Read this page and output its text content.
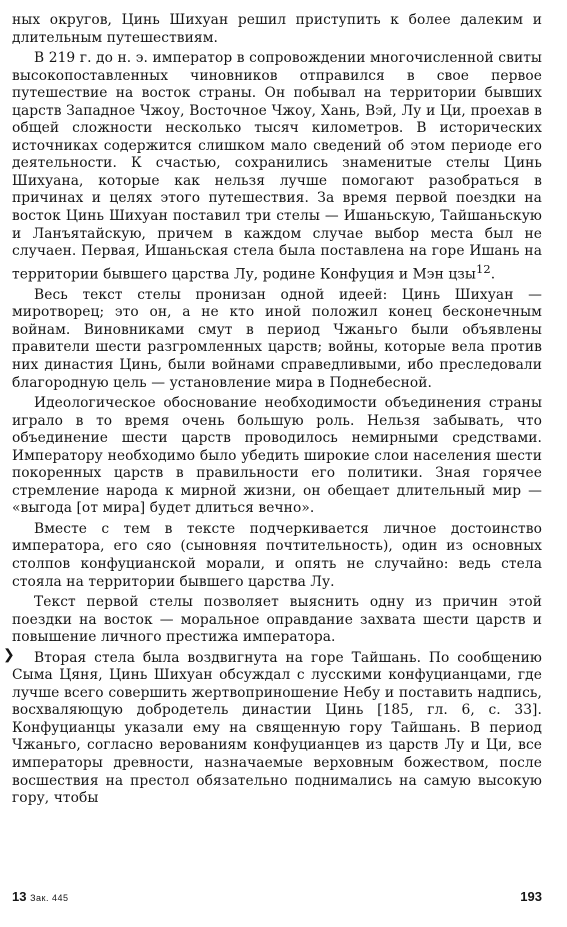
ных округов, Цинь Шихуан решил приступить к более далеким и длительным путешествиям.

В 219 г. до н. э. император в сопровождении многочисленной свиты высокопоставленных чиновников отправился в свое первое путешествие на восток страны. Он побывал на территории бывших царств Западное Чжоу, Восточное Чжоу, Хань, Вэй, Лу и Ци, проехав в общей сложности несколько тысяч километров. В исторических источниках содержится слишком мало сведений об этом периоде его деятельности. К счастью, сохранились знаменитые стелы Цинь Шихуана, которые как нельзя лучше помогают разобраться в причинах и целях этого путешествия. За время первой поездки на восток Цинь Шихуан поставил три стелы — Ишаньскую, Тайшаньскую и Ланъятайскую, причем в каждом случае выбор места был не случаен. Первая, Ишаньская стела была поставлена на горе Ишань на территории бывшего царства Лу, родине Конфуция и Мэн цзы$^{12}$.

Весь текст стелы пронизан одной идеей: Цинь Шихуан — миротворец; это он, а не кто иной положил конец бесконечным войнам. Виновниками смут в период Чжаньго были объявлены правители шести разгромленных царств; войны, которые вела против них династия Цинь, были войнами справедливыми, ибо преследовали благородную цель — установление мира в Поднебесной.

Идеологическое обоснование необходимости объединения страны играло в то время очень большую роль. Нельзя забывать, что объединение шести царств проводилось немирными средствами. Императору необходимо было убедить широкие слои населения шести покоренных царств в правильности его политики. Зная горячее стремление народа к мирной жизни, он обещает длительный мир — «выгода [от мира] будет длиться вечно».

Вместе с тем в тексте подчеркивается личное достоинство императора, его сяо (сыновняя почтительность), один из основных столпов конфуцианской морали, и опять не случайно: ведь стела стояла на территории бывшего царства Лу.

Текст первой стелы позволяет выяснить одну из причин этой поездки на восток — моральное оправдание захвата шести царств и повышение личного престижа императора.

Вторая стела была воздвигнута на горе Тайшань. По сообщению Сыма Цяня, Цинь Шихуан обсуждал с лусскими конфуцианцами, где лучше всего совершить жертвоприношение Небу и поставить надпись, восхваляющую добродетель династии Цинь [185, гл. 6, с. 33]. Конфуцианцы указали ему на священную гору Тайшань. В период Чжаньго, согласно верованиям конфуцианцев из царств Лу и Ци, все императоры древности, назначаемые верховным божеством, после восшествия на престол обязательно поднимались на самую высокую гору, чтобы

❯
13 Зак. 445	193
